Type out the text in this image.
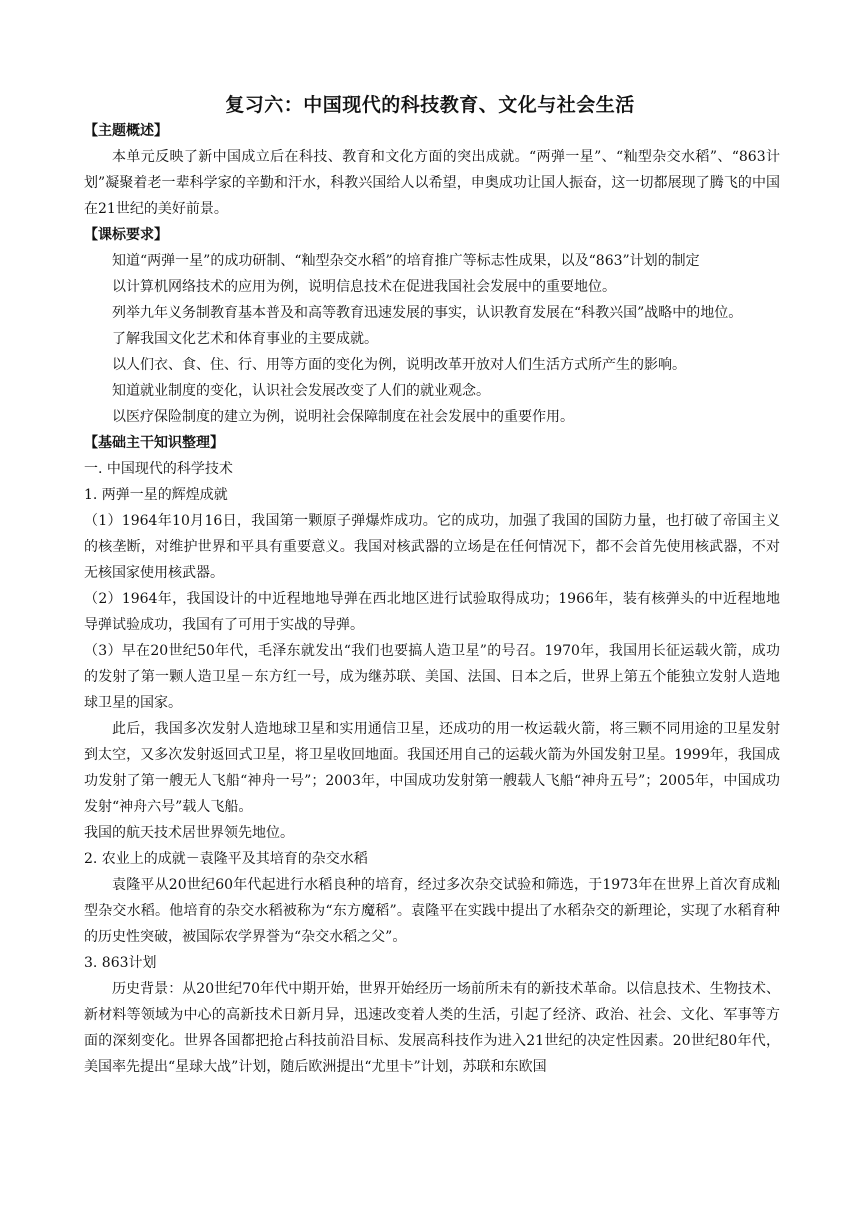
复习六：中国现代的科技教育、文化与社会生活

【主题概述】

本单元反映了新中国成立后在科技、教育和文化方面的突出成就。“两弹一星”、“籼型杂交水稻”、“863计划”凝聚着老一辈科学家的辛勤和汗水，科教兴国给人以希望，申奥成功让国人振奋，这一切都展现了腾飞的中国在21世纪的美好前景。

【课标要求】

知道“两弹一星”的成功研制、“籼型杂交水稻”的培育推广等标志性成果，以及“863”计划的制定

以计算机网络技术的应用为例，说明信息技术在促进我国社会发展中的重要地位。

列举九年义务制教育基本普及和高等教育迅速发展的事实，认识教育发展在“科教兴国”战略中的地位。

了解我国文化艺术和体育事业的主要成就。

以人们衣、食、住、行、用等方面的变化为例，说明改革开放对人们生活方式所产生的影响。

知道就业制度的变化，认识社会发展改变了人们的就业观念。

以医疗保险制度的建立为例，说明社会保障制度在社会发展中的重要作用。

【基础主干知识整理】

一. 中国现代的科学技术

1. 两弹一星的辉煌成就

（1）1964年10月16日，我国第一颗原子弹爆炸成功。它的成功，加强了我国的国防力量，也打破了帝国主义的核垄断，对维护世界和平具有重要意义。我国对核武器的立场是在任何情况下，都不会首先使用核武器，不对无核国家使用核武器。

（2）1964年，我国设计的中近程地地导弹在西北地区进行试验取得成功；1966年，装有核弹头的中近程地地导弹试验成功，我国有了可用于实战的导弹。

（3）早在20世纪50年代，毛泽东就发出“我们也要搞人造卫星”的号召。1970年，我国用长征运载火箭，成功的发射了第一颗人造卫星－东方红一号，成为继苏联、美国、法国、日本之后，世界上第五个能独立发射人造地球卫星的国家。

此后，我国多次发射人造地球卫星和实用通信卫星，还成功的用一枚运载火箭，将三颗不同用途的卫星发射到太空，又多次发射返回式卫星，将卫星收回地面。我国还用自己的运载火箭为外国发射卫星。1999年，我国成功发射了第一艘无人飞船“神舟一号”；2003年，中国成功发射第一艘载人飞船“神舟五号”；2005年，中国成功发射“神舟六号”载人飞船。

我国的航天技术居世界领先地位。

2. 农业上的成就－袁隆平及其培育的杂交水稻

袁隆平从20世纪60年代起进行水稻良种的培育，经过多次杂交试验和筛选，于1973年在世界上首次育成籼型杂交水稻。他培育的杂交水稻被称为“东方魔稻”。袁隆平在实践中提出了水稻杂交的新理论，实现了水稻育种的历史性突破，被国际农学界誉为“杂交水稻之父”。

3. 863计划

历史背景：从20世纪70年代中期开始，世界开始经历一场前所未有的新技术革命。以信息技术、生物技术、新材料等领域为中心的高新技术日新月异，迅速改变着人类的生活，引起了经济、政治、社会、文化、军事等方面的深刻变化。世界各国都把抢占科技前沿目标、发展高科技作为进入21世纪的决定性因素。20世纪80年代，美国率先提出“星球大战”计划，随后欧洲提出“尤里卡”计划，苏联和东欧国
